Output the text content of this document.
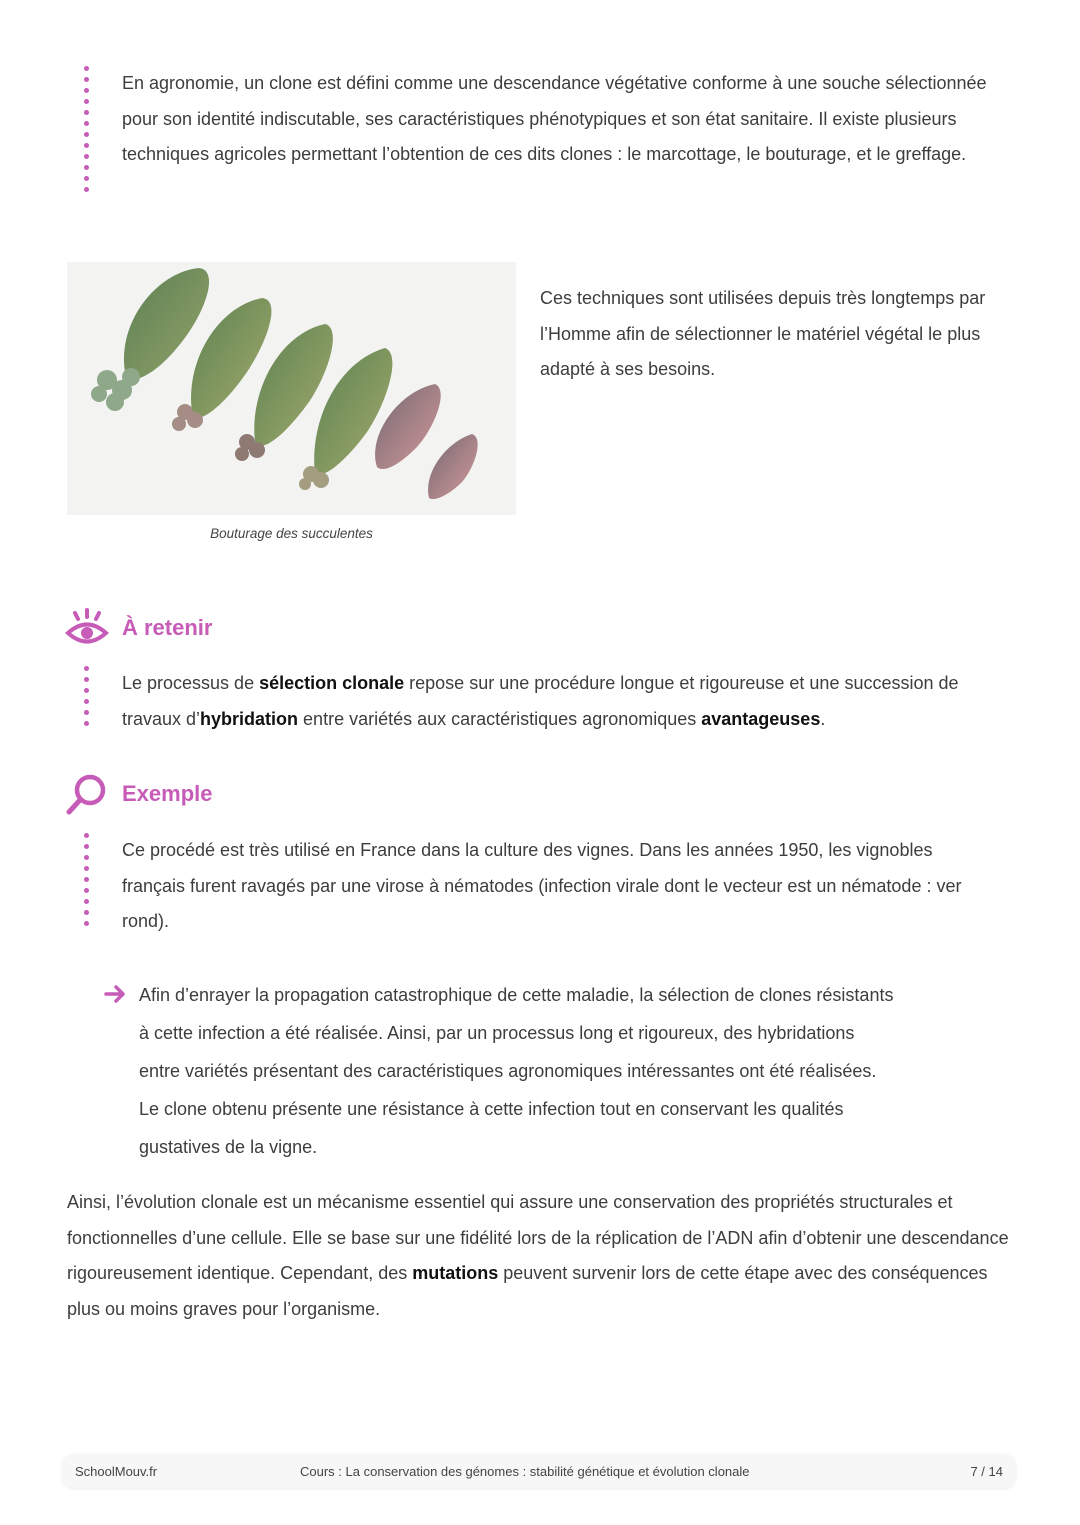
En agronomie, un clone est défini comme une descendance végétative conforme à une souche sélectionnée pour son identité indiscutable, ses caractéristiques phénotypiques et son état sanitaire. Il existe plusieurs techniques agricoles permettant l’obtention de ces dits clones : le marcottage, le bouturage, et le greffage.

Bouturage des succulentes

Ces techniques sont utilisées depuis très longtemps par l’Homme afin de sélectionner le matériel végétal le plus adapté à ses besoins.

À retenir

Le processus de sélection clonale repose sur une procédure longue et rigoureuse et une succession de travaux d’hybridation entre variétés aux caractéristiques agronomiques avantageuses.

Exemple

Ce procédé est très utilisé en France dans la culture des vignes. Dans les années 1950, les vignobles français furent ravagés par une virose à nématodes (infection virale dont le vecteur est un nématode : ver rond).

Afin d’enrayer la propagation catastrophique de cette maladie, la sélection de clones résistants à cette infection a été réalisée. Ainsi, par un processus long et rigoureux, des hybridations entre variétés présentant des caractéristiques agronomiques intéressantes ont été réalisées. Le clone obtenu présente une résistance à cette infection tout en conservant les qualités gustatives de la vigne.

Ainsi, l’évolution clonale est un mécanisme essentiel qui assure une conservation des propriétés structurales et fonctionnelles d’une cellule. Elle se base sur une fidélité lors de la réplication de l’ADN afin d’obtenir une descendance rigoureusement identique. Cependant, des mutations peuvent survenir lors de cette étape avec des conséquences plus ou moins graves pour l’organisme.

SchoolMouv.fr	Cours : La conservation des génomes : stabilité génétique et évolution clonale	7 / 14
